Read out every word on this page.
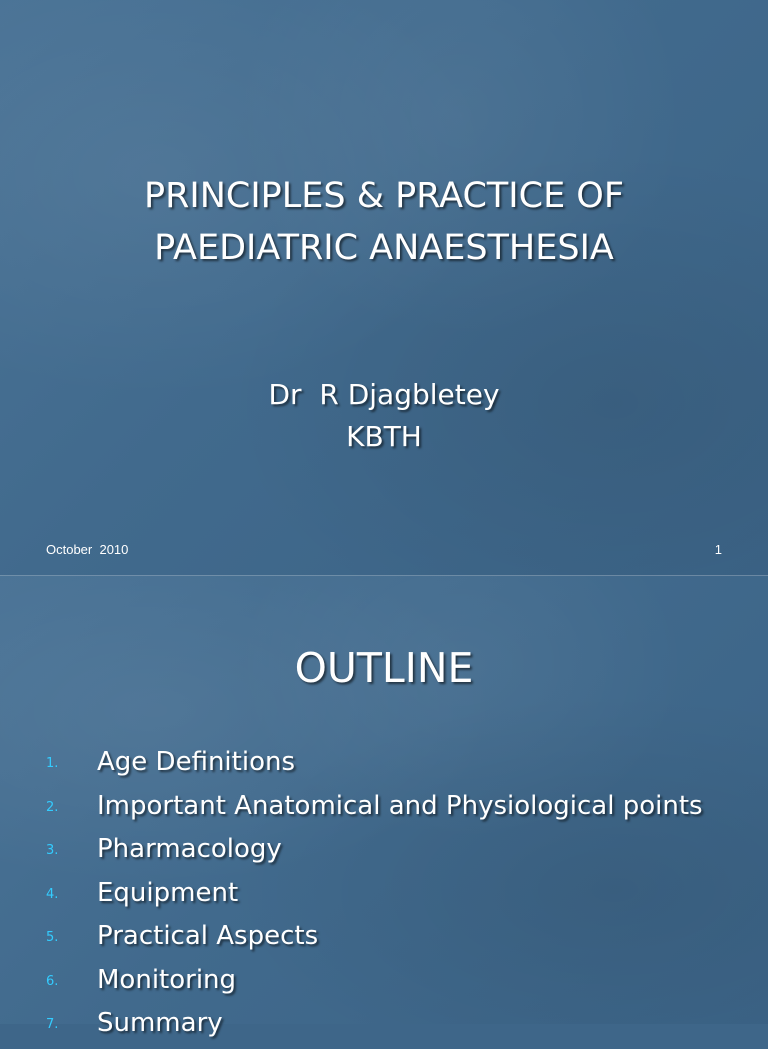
PRINCIPLES & PRACTICE OF
PAEDIATRIC ANAESTHESIA
Dr  R Djagbletey
KBTH
October  2010	1
OUTLINE
1. Age Definitions
2. Important Anatomical and Physiological points
3. Pharmacology
4. Equipment
5. Practical Aspects
6. Monitoring
7. Summary
